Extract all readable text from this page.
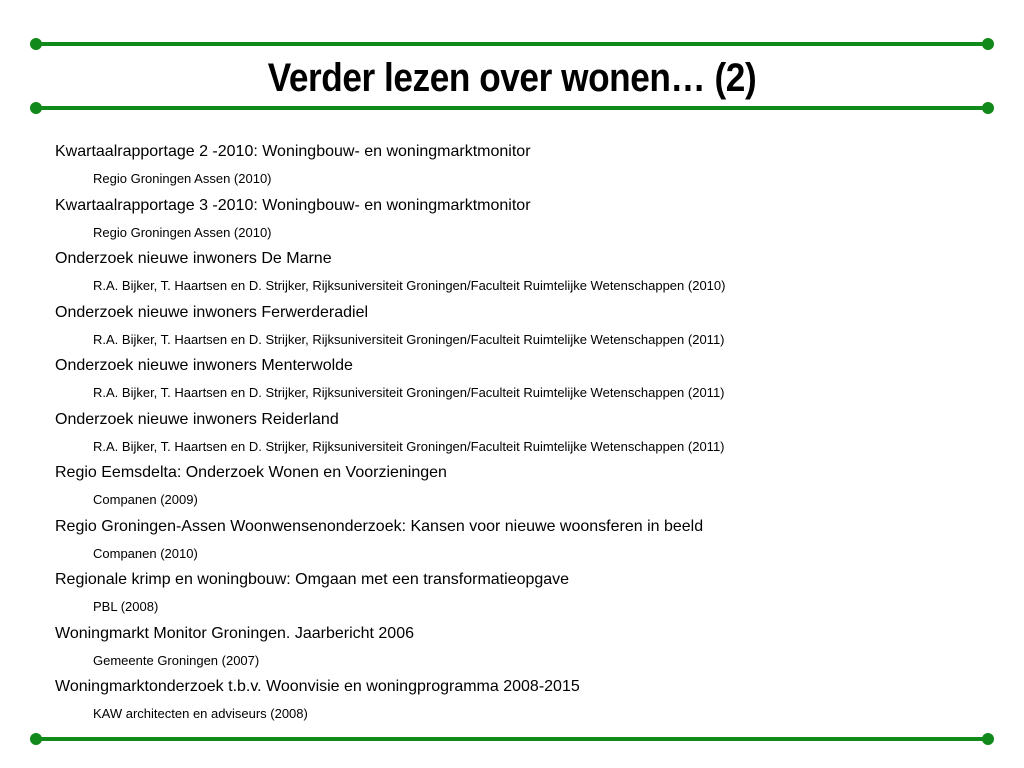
Verder lezen over wonen… (2)
Kwartaalrapportage 2 -2010: Woningbouw- en woningmarktmonitor
Regio Groningen Assen (2010)
Kwartaalrapportage 3 -2010: Woningbouw- en woningmarktmonitor
Regio Groningen Assen (2010)
Onderzoek nieuwe inwoners De Marne
R.A. Bijker, T. Haartsen en D. Strijker, Rijksuniversiteit Groningen/Faculteit Ruimtelijke Wetenschappen (2010)
Onderzoek nieuwe inwoners Ferwerderadiel
R.A. Bijker, T. Haartsen en D. Strijker, Rijksuniversiteit Groningen/Faculteit Ruimtelijke Wetenschappen (2011)
Onderzoek nieuwe inwoners Menterwolde
R.A. Bijker, T. Haartsen en D. Strijker, Rijksuniversiteit Groningen/Faculteit Ruimtelijke Wetenschappen (2011)
Onderzoek nieuwe inwoners Reiderland
R.A. Bijker, T. Haartsen en D. Strijker, Rijksuniversiteit Groningen/Faculteit Ruimtelijke Wetenschappen (2011)
Regio Eemsdelta: Onderzoek Wonen en Voorzieningen
Companen (2009)
Regio Groningen-Assen Woonwensenonderzoek: Kansen voor nieuwe woonsferen in beeld
Companen (2010)
Regionale krimp en woningbouw: Omgaan met een transformatieopgave
PBL (2008)
Woningmarkt Monitor Groningen. Jaarbericht 2006
Gemeente Groningen (2007)
Woningmarktonderzoek t.b.v. Woonvisie en woningprogramma 2008-2015
KAW architecten en adviseurs (2008)
